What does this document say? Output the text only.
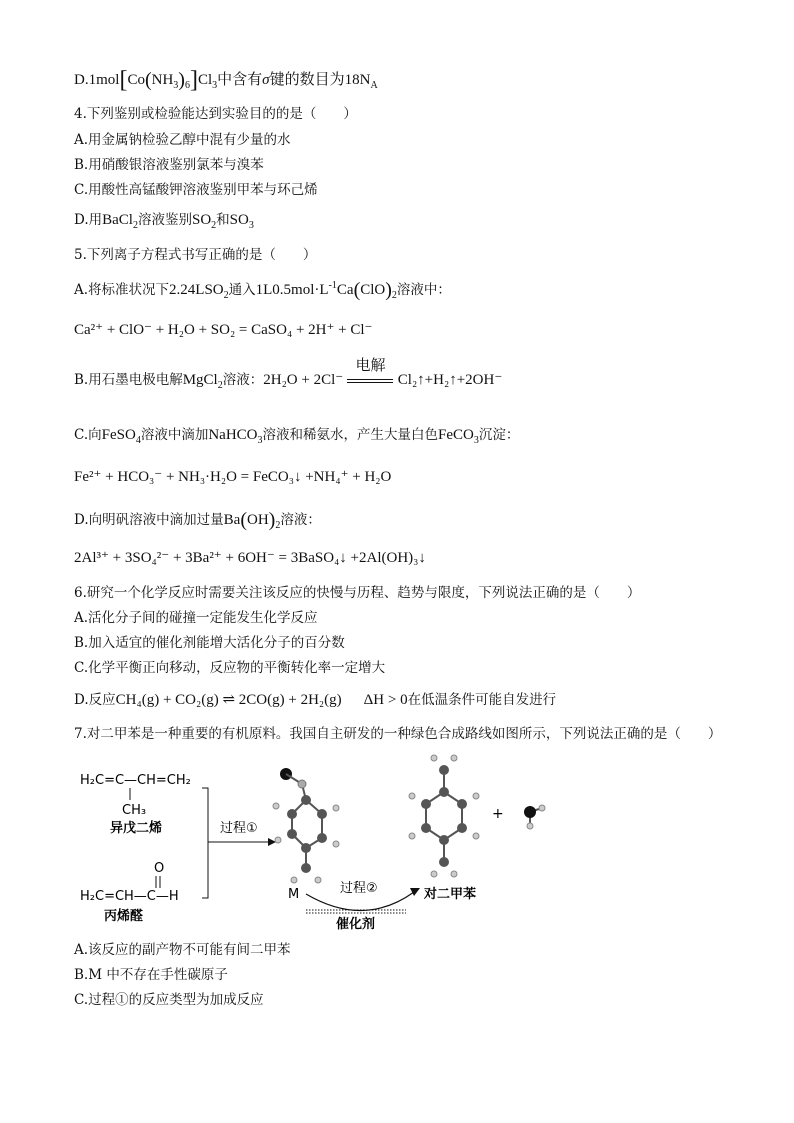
$D.1mol[Co(NH_3)_6]Cl_3$中含有σ键的数目为$18N_A$
4.下列鉴别或检验能达到实验目的的是（　　）
A.用金属钠检验乙醇中混有少量的水
B.用硝酸银溶液鉴别氯苯与溴苯
C.用酸性高锰酸钾溶液鉴别甲苯与环己烯
D.用BaCl$_2$溶液鉴别$SO_2$和$SO_3$
5.下列离子方程式书写正确的是（　　）
A.将标准状况下$2.24LSO_2$通入$1L0.5mol\cdot L^{-1}Ca(ClO)_2$溶液中：
Ca²⁺ + ClO⁻ + H₂O + SO₂ = CaSO₄ + 2H⁺ + Cl⁻
B.用石墨电极电解MgCl$_2$溶液：2H₂O + 2Cl⁻
电解
Cl₂↑+H₂↑+2OH⁻
C.向FeSO$_4$溶液中滴加NaHCO$_3$溶液和稀氨水，产生大量白色FeCO$_3$沉淀：
Fe²⁺ + HCO₃⁻ + NH₃·H₂O = FeCO₃↓ +NH₄⁺ + H₂O
D.向明矾溶液中滴加过量$Ba(OH)_2$溶液：
2Al³⁺ + 3SO₄²⁻ + 3Ba²⁺ + 6OH⁻ = 3BaSO₄↓ +2Al(OH)₃↓
6.研究一个化学反应时需要关注该反应的快慢与历程、趋势与限度，下列说法正确的是（　　）
A.活化分子间的碰撞一定能发生化学反应
B.加入适宜的催化剂能增大活化分子的百分数
C.化学平衡正向移动，反应物的平衡转化率一定增大
D.反应CH₄(g) + CO₂(g) ⇌ 2CO(g) + 2H₂(g) ΔH > 0在低温条件可能自发进行
7.对二甲苯是一种重要的有机原料。我国自主研发的一种绿色合成路线如图所示，下列说法正确的是（　　）
H₂C=C—CH=CH₂
CH₃
异戊二烯
O
H₂C=CH—C—H
丙烯醛
过程①
+
M	过程②	对二甲苯
催化剂
A.该反应的副产物不可能有间二甲苯
B.M 中不存在手性碳原子
C.过程①的反应类型为加成反应
